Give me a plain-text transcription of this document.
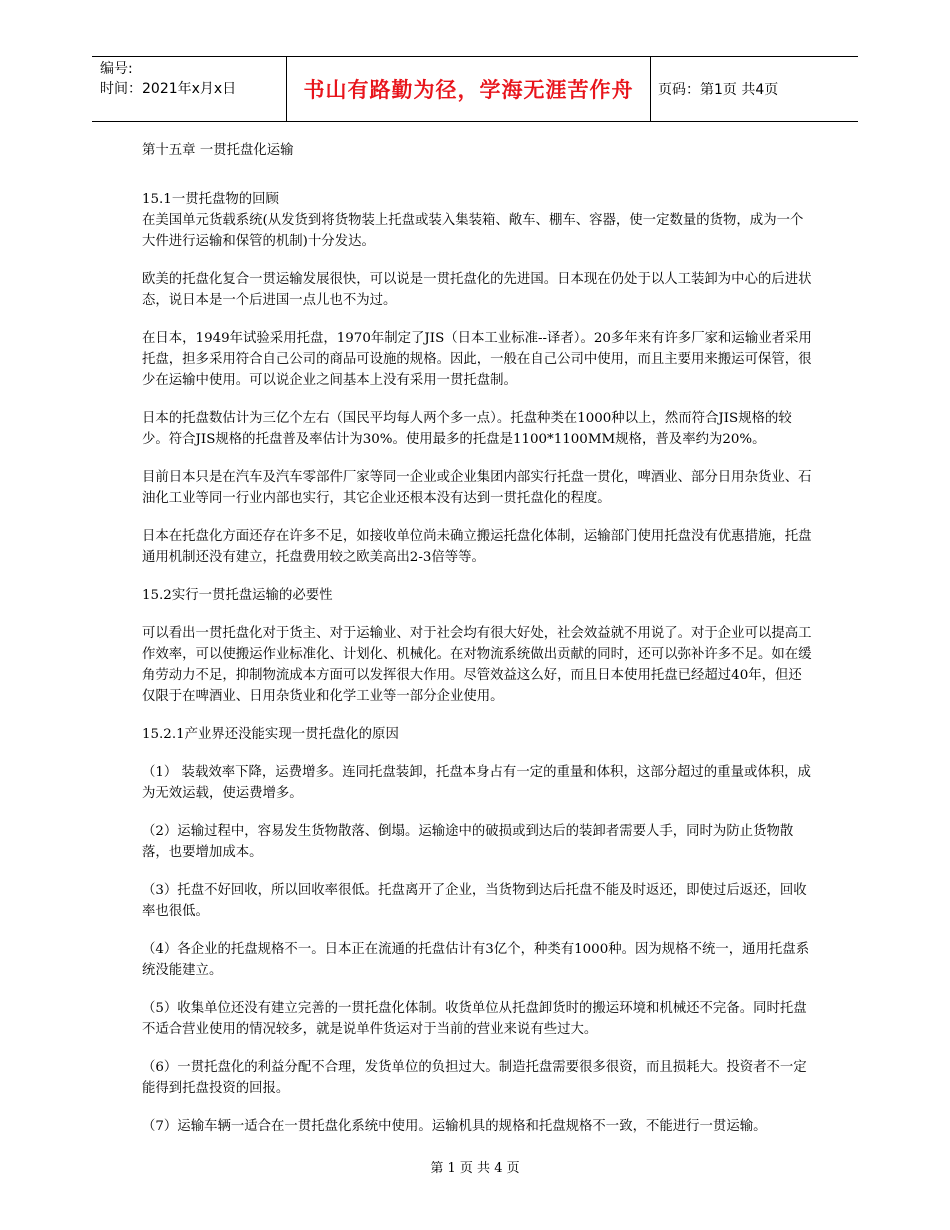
编号:
时间：2021年x月x日	书山有路勤为径，学海无涯苦作舟	页码：第1页 共4页

第十五章 一贯托盘化运输

15.1一贯托盘物的回顾

在美国单元货载系统(从发货到将货物装上托盘或装入集装箱、敞车、棚车、容器，使一定数量的货物，成为一个大件进行运输和保管的机制)十分发达。

欧美的托盘化复合一贯运输发展很快，可以说是一贯托盘化的先进国。日本现在仍处于以人工装卸为中心的后进状态，说日本是一个后进国一点儿也不为过。

在日本，1949年试验采用托盘，1970年制定了JIS（日本工业标准--译者）。20多年来有许多厂家和运输业者采用托盘，担多采用符合自己公司的商品可设施的规格。因此，一般在自己公司中使用，而且主要用来搬运可保管，很少在运输中使用。可以说企业之间基本上没有采用一贯托盘制。

日本的托盘数估计为三亿个左右（国民平均每人两个多一点）。托盘种类在1000种以上，然而符合JIS规格的较少。符合JIS规格的托盘普及率估计为30%。使用最多的托盘是1100*1100MM规格，普及率约为20%。

目前日本只是在汽车及汽车零部件厂家等同一企业或企业集团内部实行托盘一贯化，啤酒业、部分日用杂货业、石油化工业等同一行业内部也实行，其它企业还根本没有达到一贯托盘化的程度。

日本在托盘化方面还存在许多不足，如接收单位尚未确立搬运托盘化体制，运输部门使用托盘没有优惠措施，托盘通用机制还没有建立，托盘费用较之欧美高出2-3倍等等。

15.2实行一贯托盘运输的必要性

可以看出一贯托盘化对于货主、对于运输业、对于社会均有很大好处，社会效益就不用说了。对于企业可以提高工作效率，可以使搬运作业标准化、计划化、机械化。在对物流系统做出贡献的同时，还可以弥补许多不足。如在缓角劳动力不足，抑制物流成本方面可以发挥很大作用。尽管效益这么好，而且日本使用托盘已经超过40年，但还仅限于在啤酒业、日用杂货业和化学工业等一部分企业使用。

15.2.1产业界还没能实现一贯托盘化的原因

（1） 装载效率下降，运费增多。连同托盘装卸，托盘本身占有一定的重量和体积，这部分超过的重量或体积，成为无效运载，使运费增多。

（2）运输过程中，容易发生货物散落、倒塌。运输途中的破损或到达后的装卸者需要人手，同时为防止货物散落，也要增加成本。

（3）托盘不好回收，所以回收率很低。托盘离开了企业，当货物到达后托盘不能及时返还，即使过后返还，回收率也很低。

（4）各企业的托盘规格不一。日本正在流通的托盘估计有3亿个，种类有1000种。因为规格不统一，通用托盘系统没能建立。

（5）收集单位还没有建立完善的一贯托盘化体制。收货单位从托盘卸货时的搬运环境和机械还不完备。同时托盘不适合营业使用的情况较多，就是说单件货运对于当前的营业来说有些过大。

（6）一贯托盘化的利益分配不合理，发货单位的负担过大。制造托盘需要很多很资，而且损耗大。投资者不一定能得到托盘投资的回报。

（7）运输车辆一适合在一贯托盘化系统中使用。运输机具的规格和托盘规格不一致，不能进行一贯运输。

第 1 页 共 4 页
